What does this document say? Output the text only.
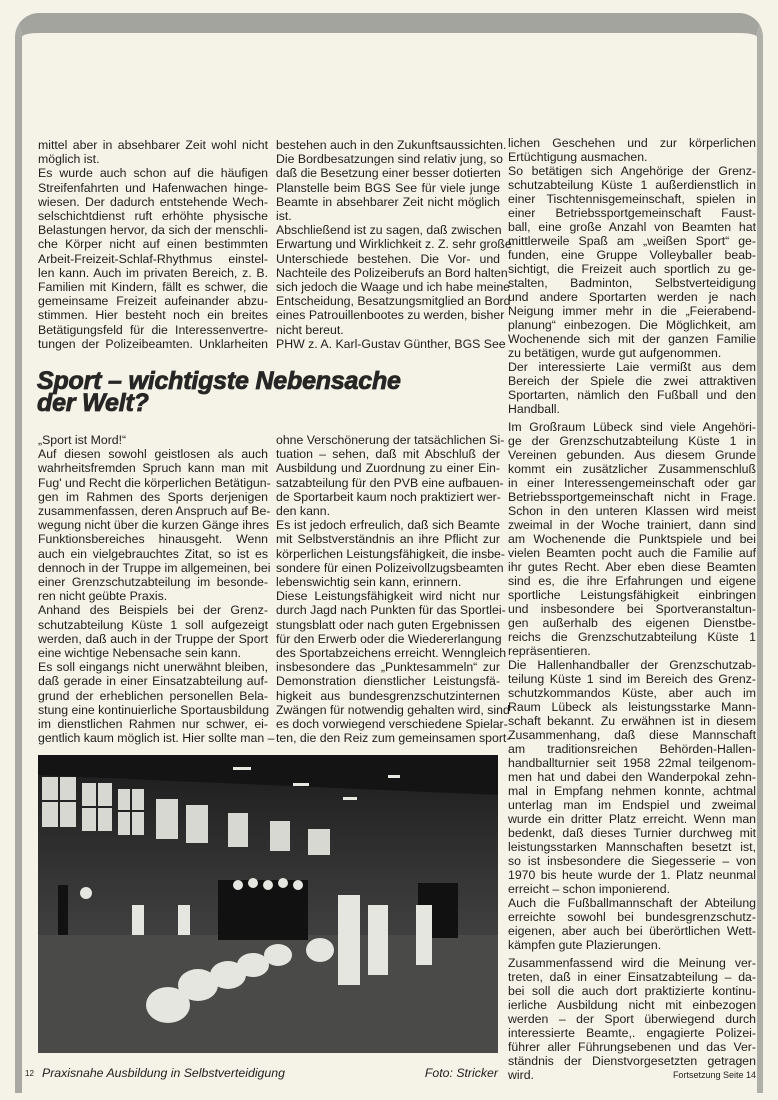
mittel aber in absehbarer Zeit wohl nicht
möglich ist.
Es wurde auch schon auf die häufigen
Streifenfahrten und Hafenwachen hinge-
wiesen. Der dadurch entstehende Wech-
selschichtdienst ruft erhöhte physische
Belastungen hervor, da sich der menschli-
che Körper nicht auf einen bestimmten
Arbeit-Freizeit-Schlaf-Rhythmus einstel-
len kann. Auch im privaten Bereich, z. B.
Familien mit Kindern, fällt es schwer, die
gemeinsame Freizeit aufeinander abzu-
stimmen. Hier besteht noch ein breites
Betätigungsfeld für die Interessenvertre-
tungen der Polizeibeamten. Unklarheiten
bestehen auch in den Zukunftsaussichten.
Die Bordbesatzungen sind relativ jung, so
daß die Besetzung einer besser dotierten
Planstelle beim BGS See für viele junge
Beamte in absehbarer Zeit nicht möglich
ist.
Abschließend ist zu sagen, daß zwischen
Erwartung und Wirklichkeit z. Z. sehr große
Unterschiede bestehen. Die Vor- und
Nachteile des Polizeiberufs an Bord halten
sich jedoch die Waage und ich habe meine
Entscheidung, Besatzungsmitglied an Bord
eines Patrouillenbootes zu werden, bisher
nicht bereut.
PHW z. A. Karl-Gustav Günther, BGS See
Sport – wichtigste Nebensache
der Welt?
„Sport ist Mord!“
Auf diesen sowohl geistlosen als auch
wahrheitsfremden Spruch kann man mit
Fug' und Recht die körperlichen Betätigun-
gen im Rahmen des Sports derjenigen
zusammenfassen, deren Anspruch auf Be-
wegung nicht über die kurzen Gänge ihres
Funktionsbereiches hinausgeht. Wenn
auch ein vielgebrauchtes Zitat, so ist es
dennoch in der Truppe im allgemeinen, bei
einer Grenzschutzabteilung im besonde-
ren nicht geübte Praxis.
Anhand des Beispiels bei der Grenz-
schutzabteilung Küste 1 soll aufgezeigt
werden, daß auch in der Truppe der Sport
eine wichtige Nebensache sein kann.
Es soll eingangs nicht unerwähnt bleiben,
daß gerade in einer Einsatzabteilung auf-
grund der erheblichen personellen Bela-
stung eine kontinuierliche Sportausbildung
im dienstlichen Rahmen nur schwer, ei-
gentlich kaum möglich ist. Hier sollte man –
ohne Verschönerung der tatsächlichen Si-
tuation – sehen, daß mit Abschluß der
Ausbildung und Zuordnung zu einer Ein-
satzabteilung für den PVB eine aufbauen-
de Sportarbeit kaum noch praktiziert wer-
den kann.
Es ist jedoch erfreulich, daß sich Beamte
mit Selbstverständnis an ihre Pflicht zur
körperlichen Leistungsfähigkeit, die insbe-
sondere für einen Polizeivollzugsbeamten
lebenswichtig sein kann, erinnern.
Diese Leistungsfähigkeit wird nicht nur
durch Jagd nach Punkten für das Sportlei-
stungsblatt oder nach guten Ergebnissen
für den Erwerb oder die Wiedererlangung
des Sportabzeichens erreicht. Wenngleich
insbesondere das „Punktesammeln“ zur
Demonstration dienstlicher Leistungsfä-
higkeit aus bundesgrenzschutzinternen
Zwängen für notwendig gehalten wird, sind
es doch vorwiegend verschiedene Spielar-
ten, die den Reiz zum gemeinsamen sport-
lichen Geschehen und zur körperlichen
Ertüchtigung ausmachen.
So betätigen sich Angehörige der Grenz-
schutzabteilung Küste 1 außerdienstlich in
einer Tischtennisgemeinschaft, spielen in
einer Betriebssportgemeinschaft Faust-
ball, eine große Anzahl von Beamten hat
mittlerweile Spaß am „weißen Sport“ ge-
funden, eine Gruppe Volleyballer beab-
sichtigt, die Freizeit auch sportlich zu ge-
stalten, Badminton, Selbstverteidigung
und andere Sportarten werden je nach
Neigung immer mehr in die „Feierabend-
planung“ einbezogen. Die Möglichkeit, am
Wochenende sich mit der ganzen Familie
zu betätigen, wurde gut aufgenommen.
Der interessierte Laie vermißt aus dem
Bereich der Spiele die zwei attraktiven
Sportarten, nämlich den Fußball und den
Handball.
Im Großraum Lübeck sind viele Angehöri-
ge der Grenzschutzabteilung Küste 1 in
Vereinen gebunden. Aus diesem Grunde
kommt ein zusätzlicher Zusammenschluß
in einer Interessengemeinschaft oder gar
Betriebssportgemeinschaft nicht in Frage.
Schon in den unteren Klassen wird meist
zweimal in der Woche trainiert, dann sind
am Wochenende die Punktspiele und bei
vielen Beamten pocht auch die Familie auf
ihr gutes Recht. Aber eben diese Beamten
sind es, die ihre Erfahrungen und eigene
sportliche Leistungsfähigkeit einbringen
und insbesondere bei Sportveranstaltun-
gen außerhalb des eigenen Dienstbe-
reichs die Grenzschutzabteilung Küste 1
repräsentieren.
Die Hallenhandballer der Grenzschutzab-
teilung Küste 1 sind im Bereich des Grenz-
schutzkommandos Küste, aber auch im
Raum Lübeck als leistungsstarke Mann-
schaft bekannt. Zu erwähnen ist in diesem
Zusammenhang, daß diese Mannschaft
am traditionsreichen Behörden-Hallen-
handballturnier seit 1958 22mal teilgenom-
men hat und dabei den Wanderpokal zehn-
mal in Empfang nehmen konnte, achtmal
unterlag man im Endspiel und zweimal
wurde ein dritter Platz erreicht. Wenn man
bedenkt, daß dieses Turnier durchweg mit
leistungsstarken Mannschaften besetzt ist,
so ist insbesondere die Siegesserie – von
1970 bis heute wurde der 1. Platz neunmal
erreicht – schon imponierend.
Auch die Fußballmannschaft der Abteilung
erreichte sowohl bei bundesgrenzschutz-
eigenen, aber auch bei überörtlichen Wett-
kämpfen gute Plazierungen.
Zusammenfassend wird die Meinung ver-
treten, daß in einer Einsatzabteilung – da-
bei soll die auch dort praktizierte kontinu-
ierliche Ausbildung nicht mit einbezogen
werden – der Sport überwiegend durch
interessierte Beamte,. engagierte Polizei-
führer aller Führungsebenen und das Ver-
ständnis der Dienstvorgesetzten getragen
wird.	Fortsetzung Seite 14
12 Praxisnahe Ausbildung in Selbstverteidigung	Foto: Stricker
